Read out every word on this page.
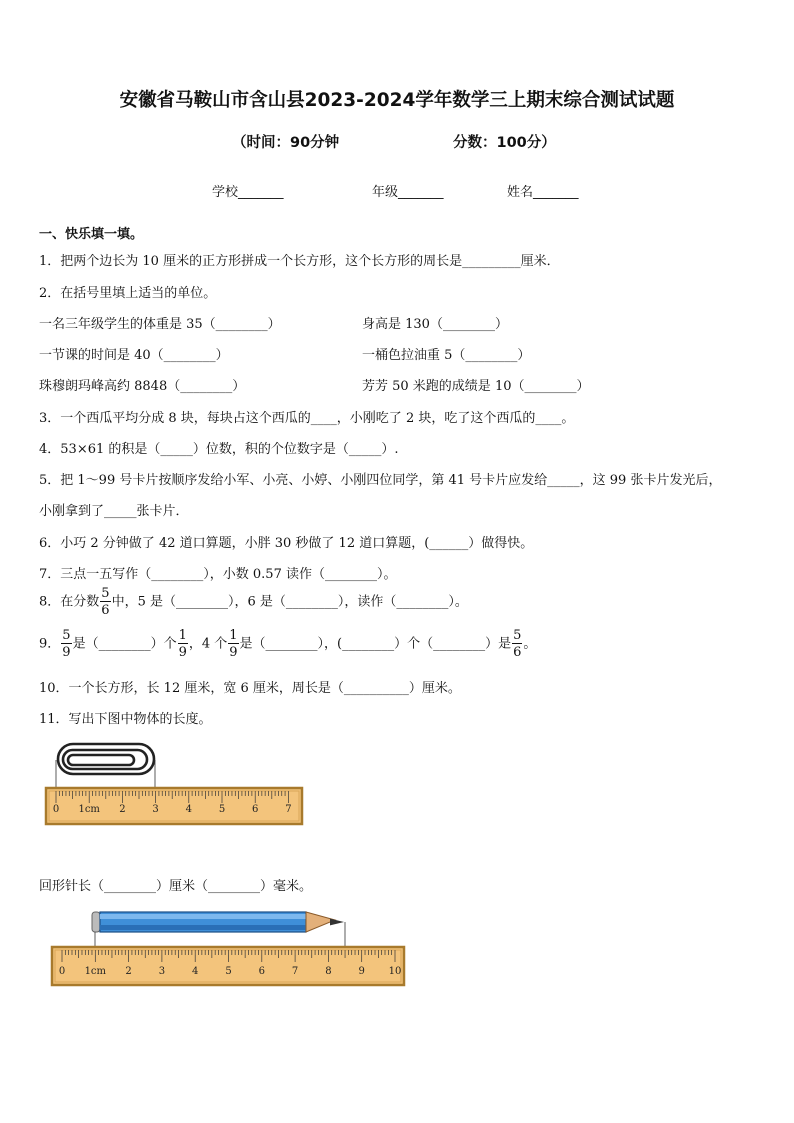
安徽省马鞍山市含山县2023-2024学年数学三上期末综合测试试题
（时间：90分钟	分数：100分）
学校_______	年级_______	姓名_______
一、快乐填一填。
1．把两个边长为 10 厘米的正方形拼成一个长方形，这个长方形的周长是_________厘米．
2．在括号里填上适当的单位。
一名三年级学生的体重是 35（________）	身高是 130（________）
一节课的时间是 40（________）	一桶色拉油重 5（________）
珠穆朗玛峰高约 8848（________）	芳芳 50 米跑的成绩是 10（________）
3．一个西瓜平均分成 8 块，每块占这个西瓜的____，小刚吃了 2 块，吃了这个西瓜的____。
4．53×61 的积是（_____）位数，积的个位数字是（_____）.
5．把 1～99 号卡片按顺序发给小军、小亮、小婷、小刚四位同学，第 41 号卡片应发给_____，这 99 张卡片发光后，
小刚拿到了_____张卡片．
6．小巧 2 分钟做了 42 道口算题，小胖 30 秒做了 12 道口算题，(______）做得快。
7．三点一五写作（________），小数 0.57 读作（________）。
8．在分数 $\frac{5}{6}$ 中，5 是（________），6 是（________），读作（________）。
9． $\frac{5}{9}$ 是（________）个 $\frac{1}{9}$ ，4 个 $\frac{1}{9}$ 是（________），(________）个（________）是 $\frac{5}{6}$ 。
10．一个长方形，长 12 厘米，宽 6 厘米，周长是（__________）厘米。
11．写出下图中物体的长度。
0 1cm 2	3	4	5	6	7
回形针长（________）厘米（________）毫米。
0 1cm 2	3	4	5	6	7	8	9 10
